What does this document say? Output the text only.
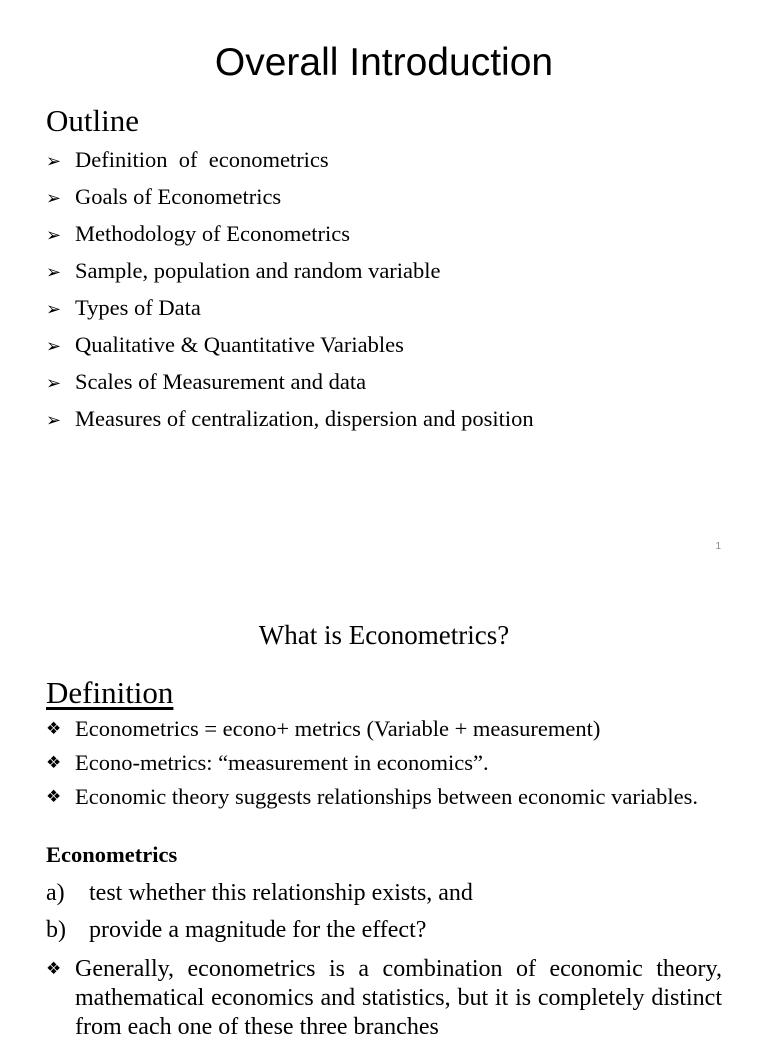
Overall Introduction
Outline
➢ Definition  of  econometrics
➢ Goals of Econometrics
➢ Methodology of Econometrics
➢ Sample, population and random variable
➢ Types of Data
➢ Qualitative & Quantitative Variables
➢ Scales of Measurement and data
➢ Measures of centralization, dispersion and position
1
What is Econometrics?
Definition
❖ Econometrics = econo+ metrics (Variable + measurement)
❖ Econo-metrics: “measurement in economics”.
❖ Economic theory suggests relationships between economic variables.
Econometrics
a)	test whether this relationship exists, and
b) provide a magnitude for the effect?
❖ Generally, econometrics is a combination of economic theory, mathematical economics and statistics, but it is completely distinct from each one of these three branches
